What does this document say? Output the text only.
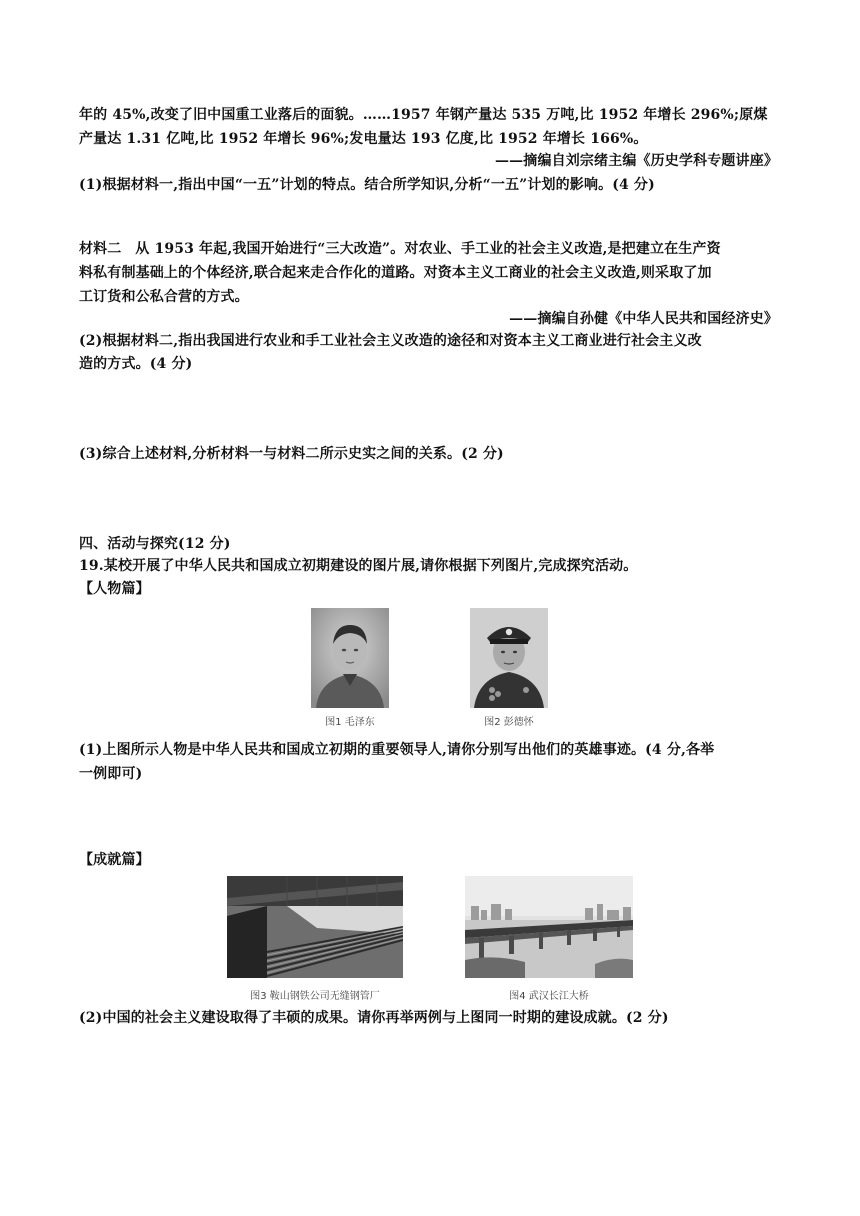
年的 45%,改变了旧中国重工业落后的面貌。……1957 年钢产量达 535 万吨,比 1952 年增长 296%;原煤
产量达 1.31 亿吨,比 1952 年增长 96%;发电量达 193 亿度,比 1952 年增长 166%。
——摘编自刘宗绪主编《历史学科专题讲座》
(1)根据材料一,指出中国“一五”计划的特点。结合所学知识,分析“一五”计划的影响。(4 分)
材料二 从 1953 年起,我国开始进行“三大改造”。对农业、手工业的社会主义改造,是把建立在生产资
料私有制基础上的个体经济,联合起来走合作化的道路。对资本主义工商业的社会主义改造,则采取了加
工订货和公私合营的方式。
——摘编自孙健《中华人民共和国经济史》
(2)根据材料二,指出我国进行农业和手工业社会主义改造的途径和对资本主义工商业进行社会主义改
造的方式。(4 分)
(3)综合上述材料,分析材料一与材料二所示史实之间的关系。(2 分)
四、活动与探究(12 分)
19.某校开展了中华人民共和国成立初期建设的图片展,请你根据下列图片,完成探究活动。
【人物篇】
图1 毛泽东	图2 彭德怀
(1)上图所示人物是中华人民共和国成立初期的重要领导人,请你分别写出他们的英雄事迹。(4 分,各举
一例即可)
【成就篇】
图3 鞍山钢铁公司无缝钢管厂	图4 武汉长江大桥
(2)中国的社会主义建设取得了丰硕的成果。请你再举两例与上图同一时期的建设成就。(2 分)
